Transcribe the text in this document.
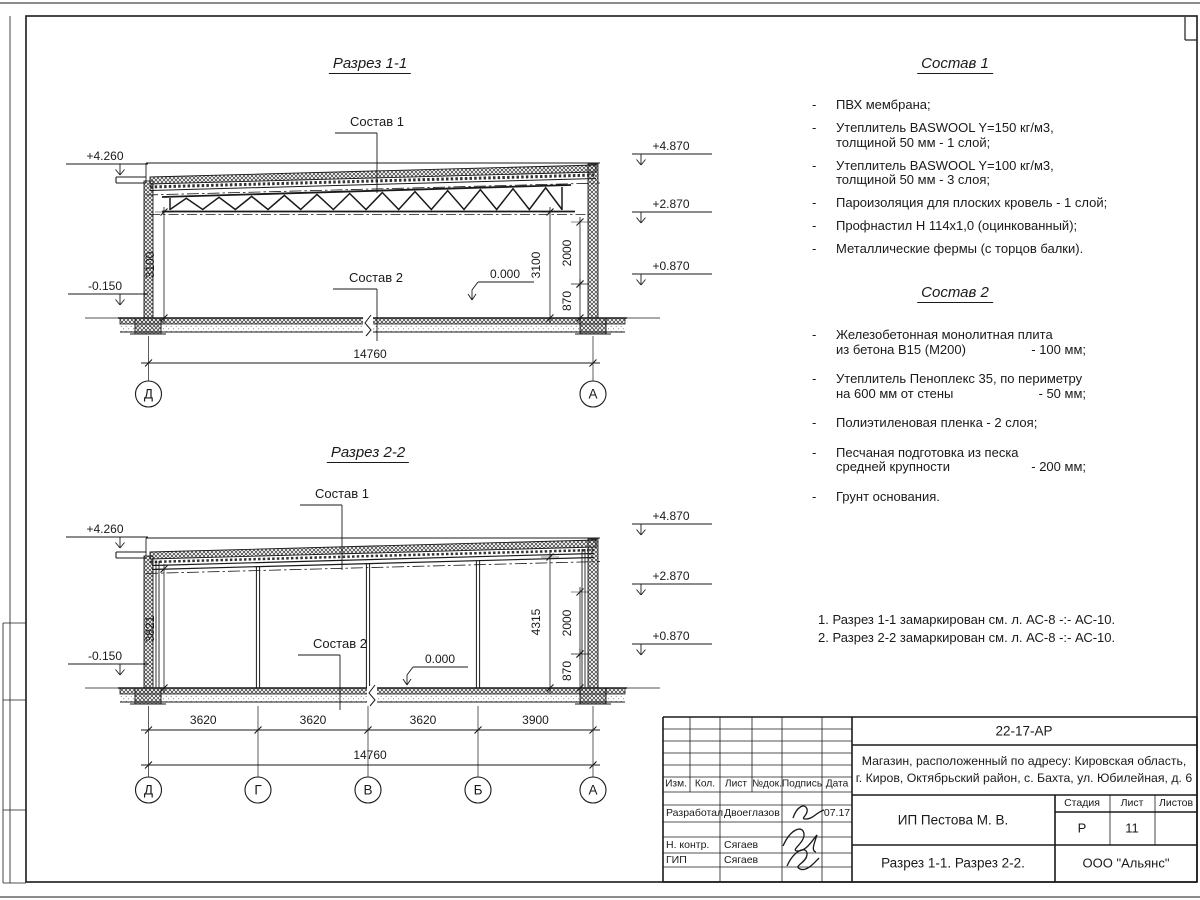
Состав 1
Состав 2	0.000
+4.260
-0.150
+4.870
+2.870
+0.870
3100	3100 2000
870
14760
Д	А
Состав 1
Состав 2
0.000
+4.260
-0.150
+4.870
+2.870
+0.870
3821	4315 2000
870
3620	3620	3620	3900
14760
Д	Г	В	Б	А
Разрез 1-1
Разрез 2-2
Состав 1
Состав 2
-	ПВХ мембрана;
-	Утеплитель BASWOOL Y=150 кг/м3,
толщиной 50 мм - 1 слой;
-	Утеплитель BASWOOL Y=100 кг/м3,
толщиной 50 мм - 3 слоя;
-	Пароизоляция для плоских кровель - 1 слой;
-	Профнастил Н 114х1,0 (оцинкованный);
-	Металлические фермы (с торцов балки).
-	Железобетонная монолитная плита
из бетона В15 (М200)	- 100 мм;
-	Утеплитель Пеноплекс 35, по периметру
на 600 мм от стены	- 50 мм;
-	Полиэтиленовая пленка - 2 слоя;
-	Песчаная подготовка из песка
средней крупности	- 200 мм;
-	Грунт основания.
1. Разрез 1-1 замаркирован см. л. АС-8 -:- АС-10.
2. Разрез 2-2 замаркирован см. л. АС-8 -:- АС-10.
22-17-АР
Магазин, расположенный по адресу: Кировская область,
г. Киров, Октябрьский район, с. Бахта, ул. Юбилейная, д. 6
ИП Пестова М. В.
Разрез 1-1. Разрез 2-2.	ООО "Альянс"
Стадия Лист Листов
Р	11
Изм. Кол. Лист №док. Подпись Дата
Разработал Двоеглазов	07.17
Н. контр. Сягаев
ГИП	Сягаев
